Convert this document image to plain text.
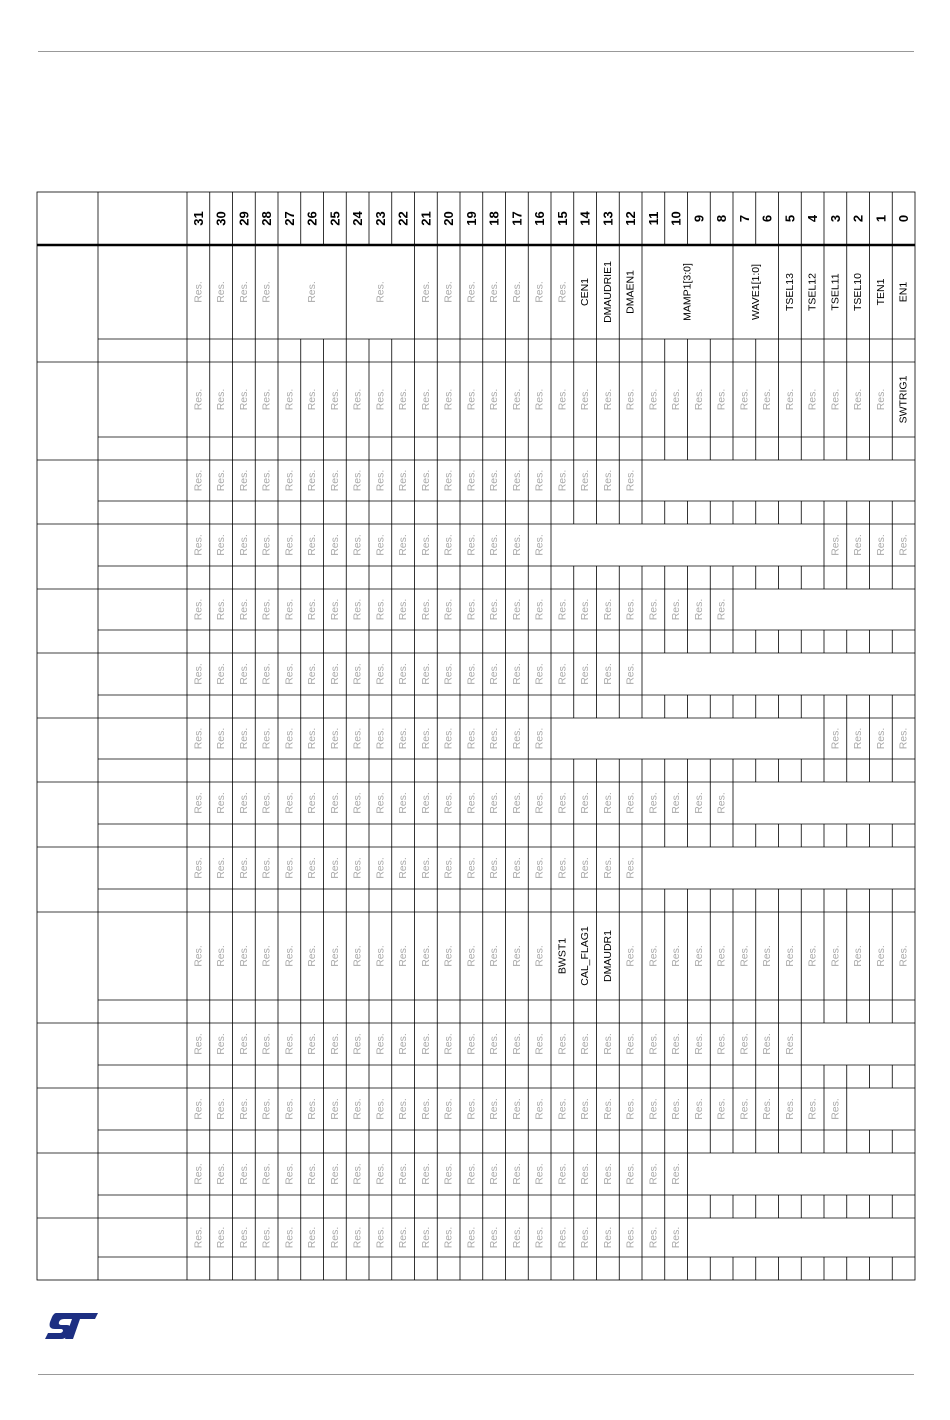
31 30 29 28 27 26 25 24 23 22 21 20 19 18 17 16 15 14 13 12 11 10 9 8 7 6 5 4 3 2 1 0
Res. Res. Res. Res.	Res.	Res.	Res. Res. Res. Res. Res. Res. Res. CEN1 DMAUDRIE1 DMAEN1	MAMP1[3:0]	WAVE1[1:0] TSEL13 TSEL12 TSEL11 TSEL10 TEN1 EN1
Res. Res. Res. Res. Res. Res. Res. Res. Res. Res. Res. Res. Res. Res. Res. Res. Res. Res. Res. Res. Res. Res. Res. Res. Res. Res. Res. Res. Res. Res. Res. SWTRIG1
Res. Res. Res. Res. Res. Res. Res. Res. Res. Res. Res. Res. Res. Res. Res. Res. Res. Res. Res. Res.
Res. Res. Res. Res. Res. Res. Res. Res. Res. Res. Res. Res. Res. Res. Res. Res.	Res. Res. Res. Res.
Res. Res. Res. Res. Res. Res. Res. Res. Res. Res. Res. Res. Res. Res. Res. Res. Res. Res. Res. Res. Res. Res. Res. Res.
Res. Res. Res. Res. Res. Res. Res. Res. Res. Res. Res. Res. Res. Res. Res. Res. Res. Res. Res. Res.
Res. Res. Res. Res. Res. Res. Res. Res. Res. Res. Res. Res. Res. Res. Res. Res.	Res. Res. Res. Res.
Res. Res. Res. Res. Res. Res. Res. Res. Res. Res. Res. Res. Res. Res. Res. Res. Res. Res. Res. Res. Res. Res. Res. Res.
Res. Res. Res. Res. Res. Res. Res. Res. Res. Res. Res. Res. Res. Res. Res. Res. Res. Res. Res. Res.
Res. Res. Res. Res. Res. Res. Res. Res. Res. Res. Res. Res. Res. Res. Res. Res. BWST1 CAL_FLAG1 DMAUDR1 Res. Res. Res. Res. Res. Res. Res. Res. Res. Res. Res. Res. Res.
Res. Res. Res. Res. Res. Res. Res. Res. Res. Res. Res. Res. Res. Res. Res. Res. Res. Res. Res. Res. Res. Res. Res. Res. Res. Res. Res.
Res. Res. Res. Res. Res. Res. Res. Res. Res. Res. Res. Res. Res. Res. Res. Res. Res. Res. Res. Res. Res. Res. Res. Res. Res. Res. Res. Res. Res.
Res. Res. Res. Res. Res. Res. Res. Res. Res. Res. Res. Res. Res. Res. Res. Res. Res. Res. Res. Res. Res. Res.
Res. Res. Res. Res. Res. Res. Res. Res. Res. Res. Res. Res. Res. Res. Res. Res. Res. Res. Res. Res. Res. Res.
